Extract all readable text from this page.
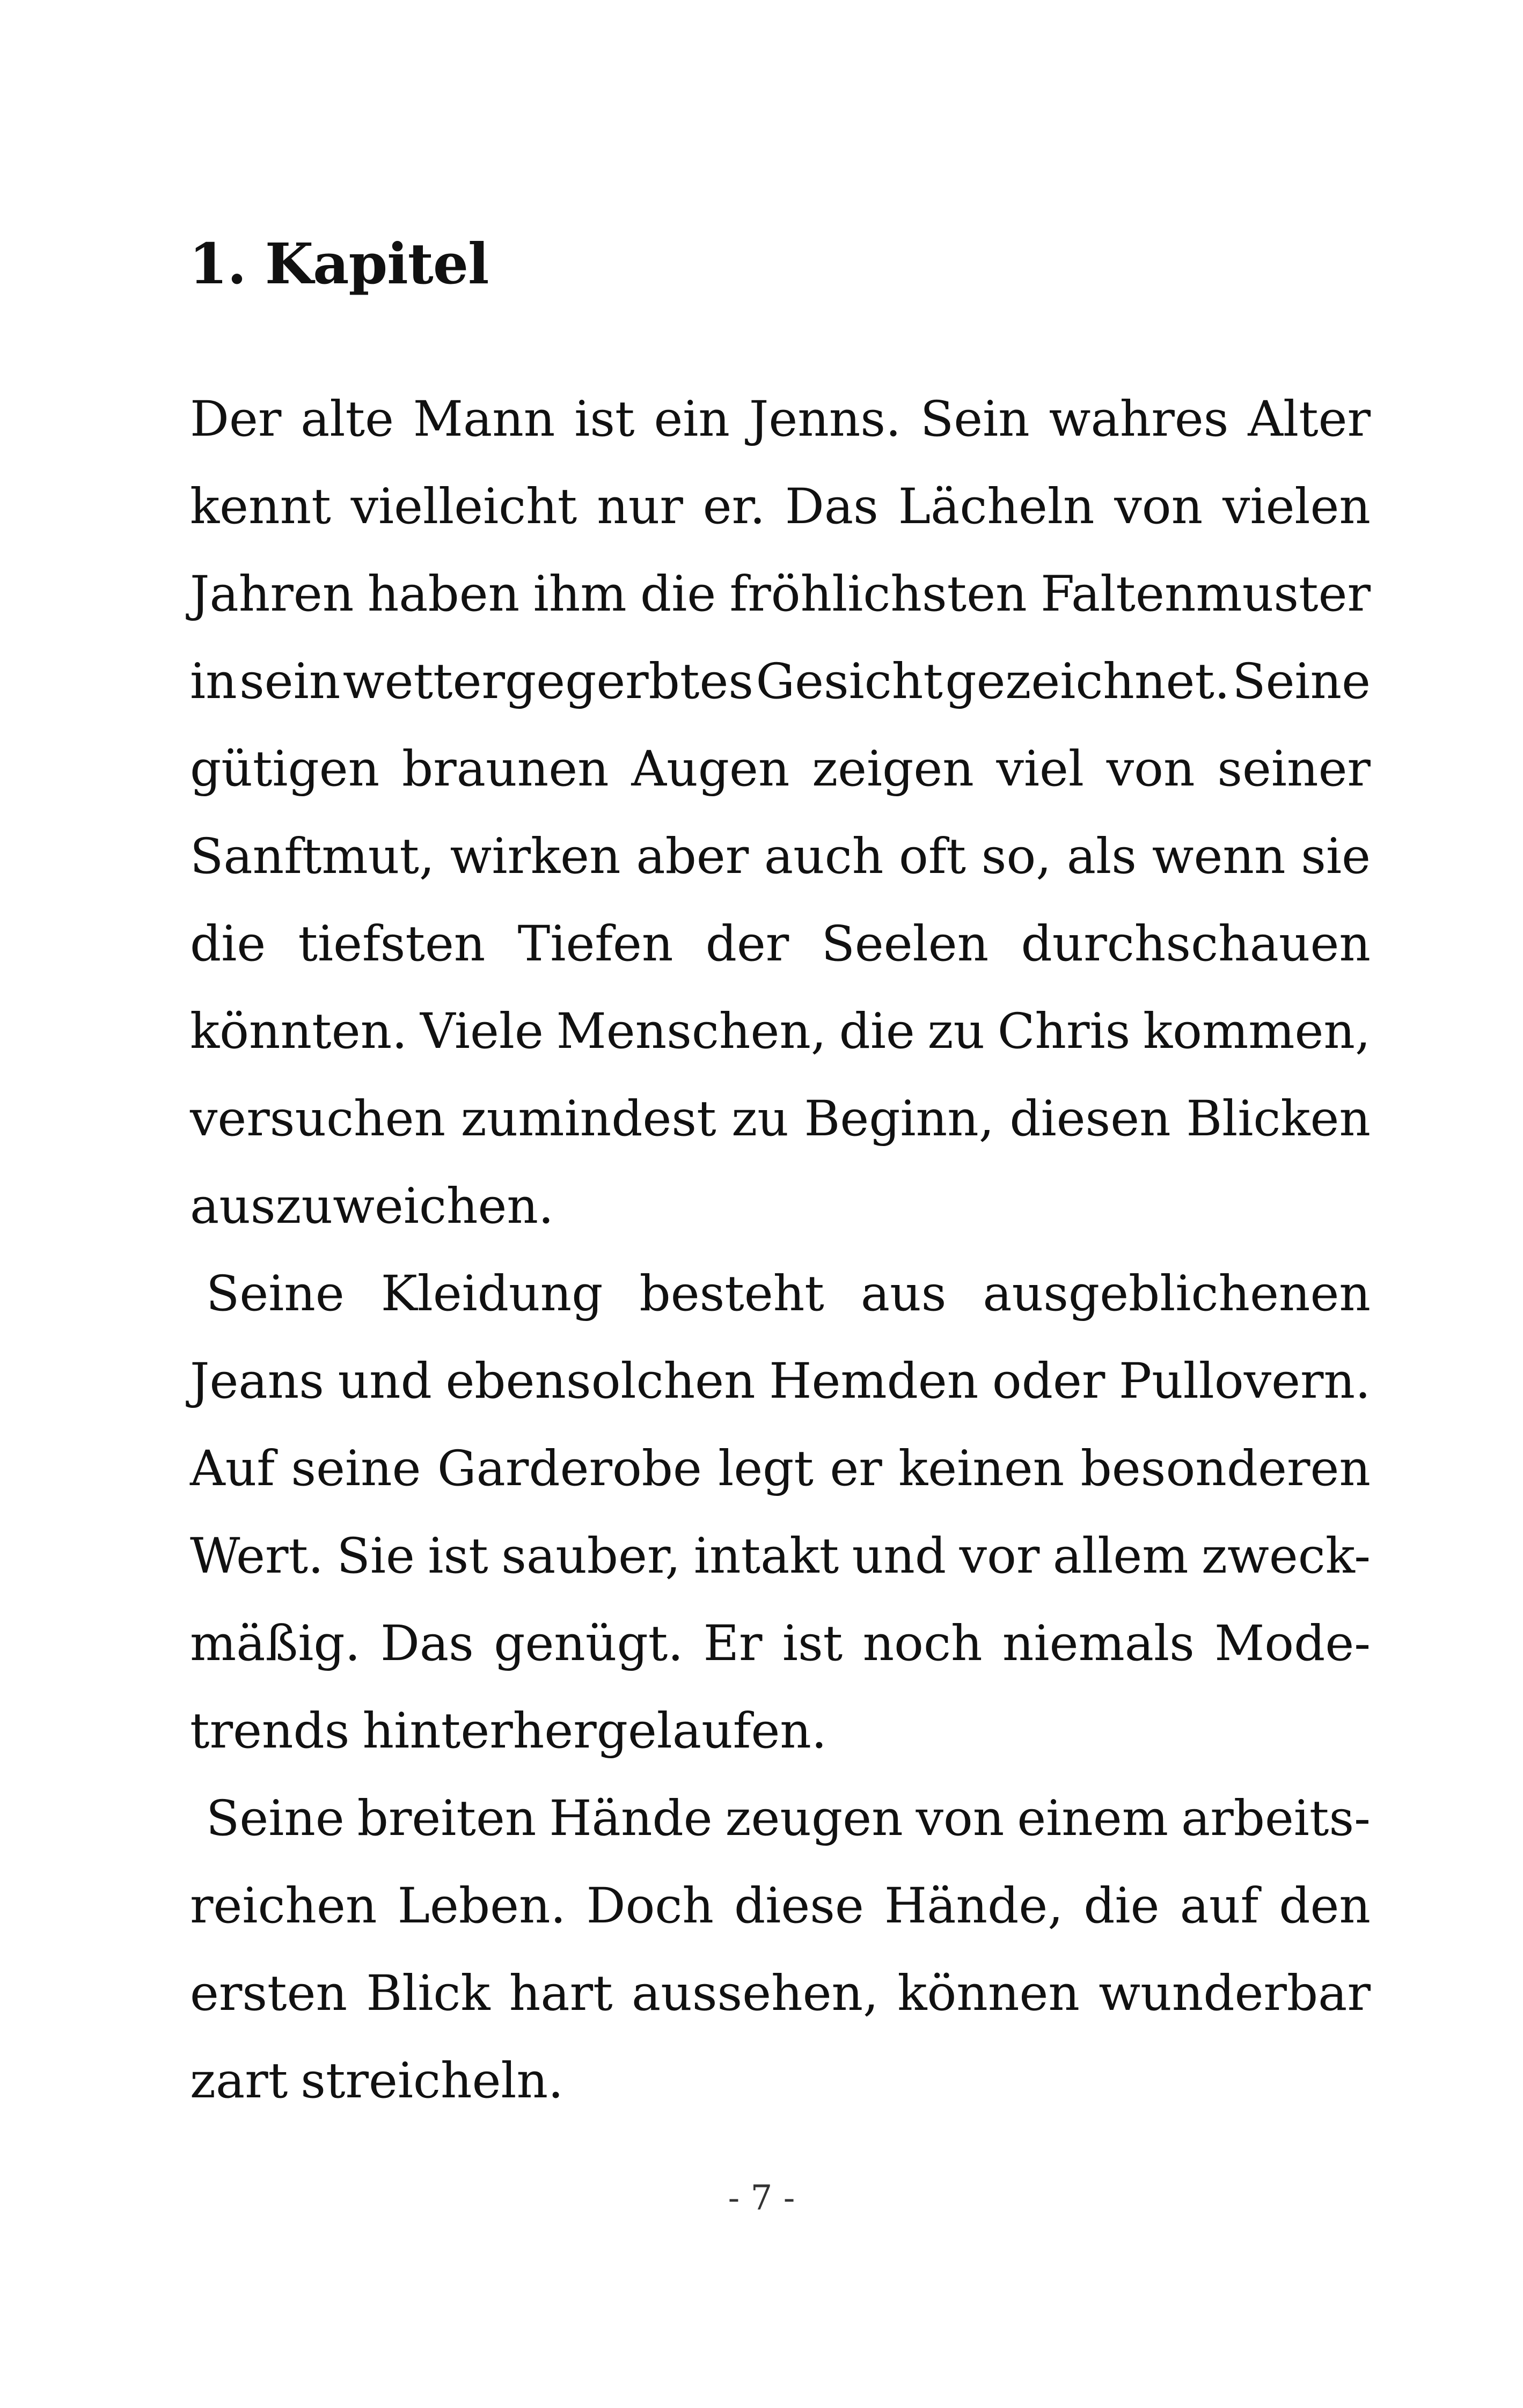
1. Kapitel
Der alte Mann ist ein Jenns. Sein wahres Alter
kennt vielleicht nur er. Das Lächeln von vielen
Jahren haben ihm die fröhlichsten Faltenmuster
in sein wettergegerbtes Gesicht gezeichnet. Seine
gütigen braunen Augen zeigen viel von seiner
Sanftmut, wirken aber auch oft so, als wenn sie
die tiefsten Tiefen der Seelen durchschauen
könnten. Viele Menschen, die zu Chris kommen,
versuchen zumindest zu Beginn, diesen Blicken
auszuweichen.
Seine Kleidung besteht aus ausgeblichenen
Jeans und ebensolchen Hemden oder Pullovern.
Auf seine Garderobe legt er keinen besonderen
Wert. Sie ist sauber, intakt und vor allem zweck-
mäßig. Das genügt. Er ist noch niemals Mode-
trends hinterhergelaufen.
Seine breiten Hände zeugen von einem arbeits-
reichen Leben. Doch diese Hände, die auf den
ersten Blick hart aussehen, können wunderbar
zart streicheln.
- 7 -
